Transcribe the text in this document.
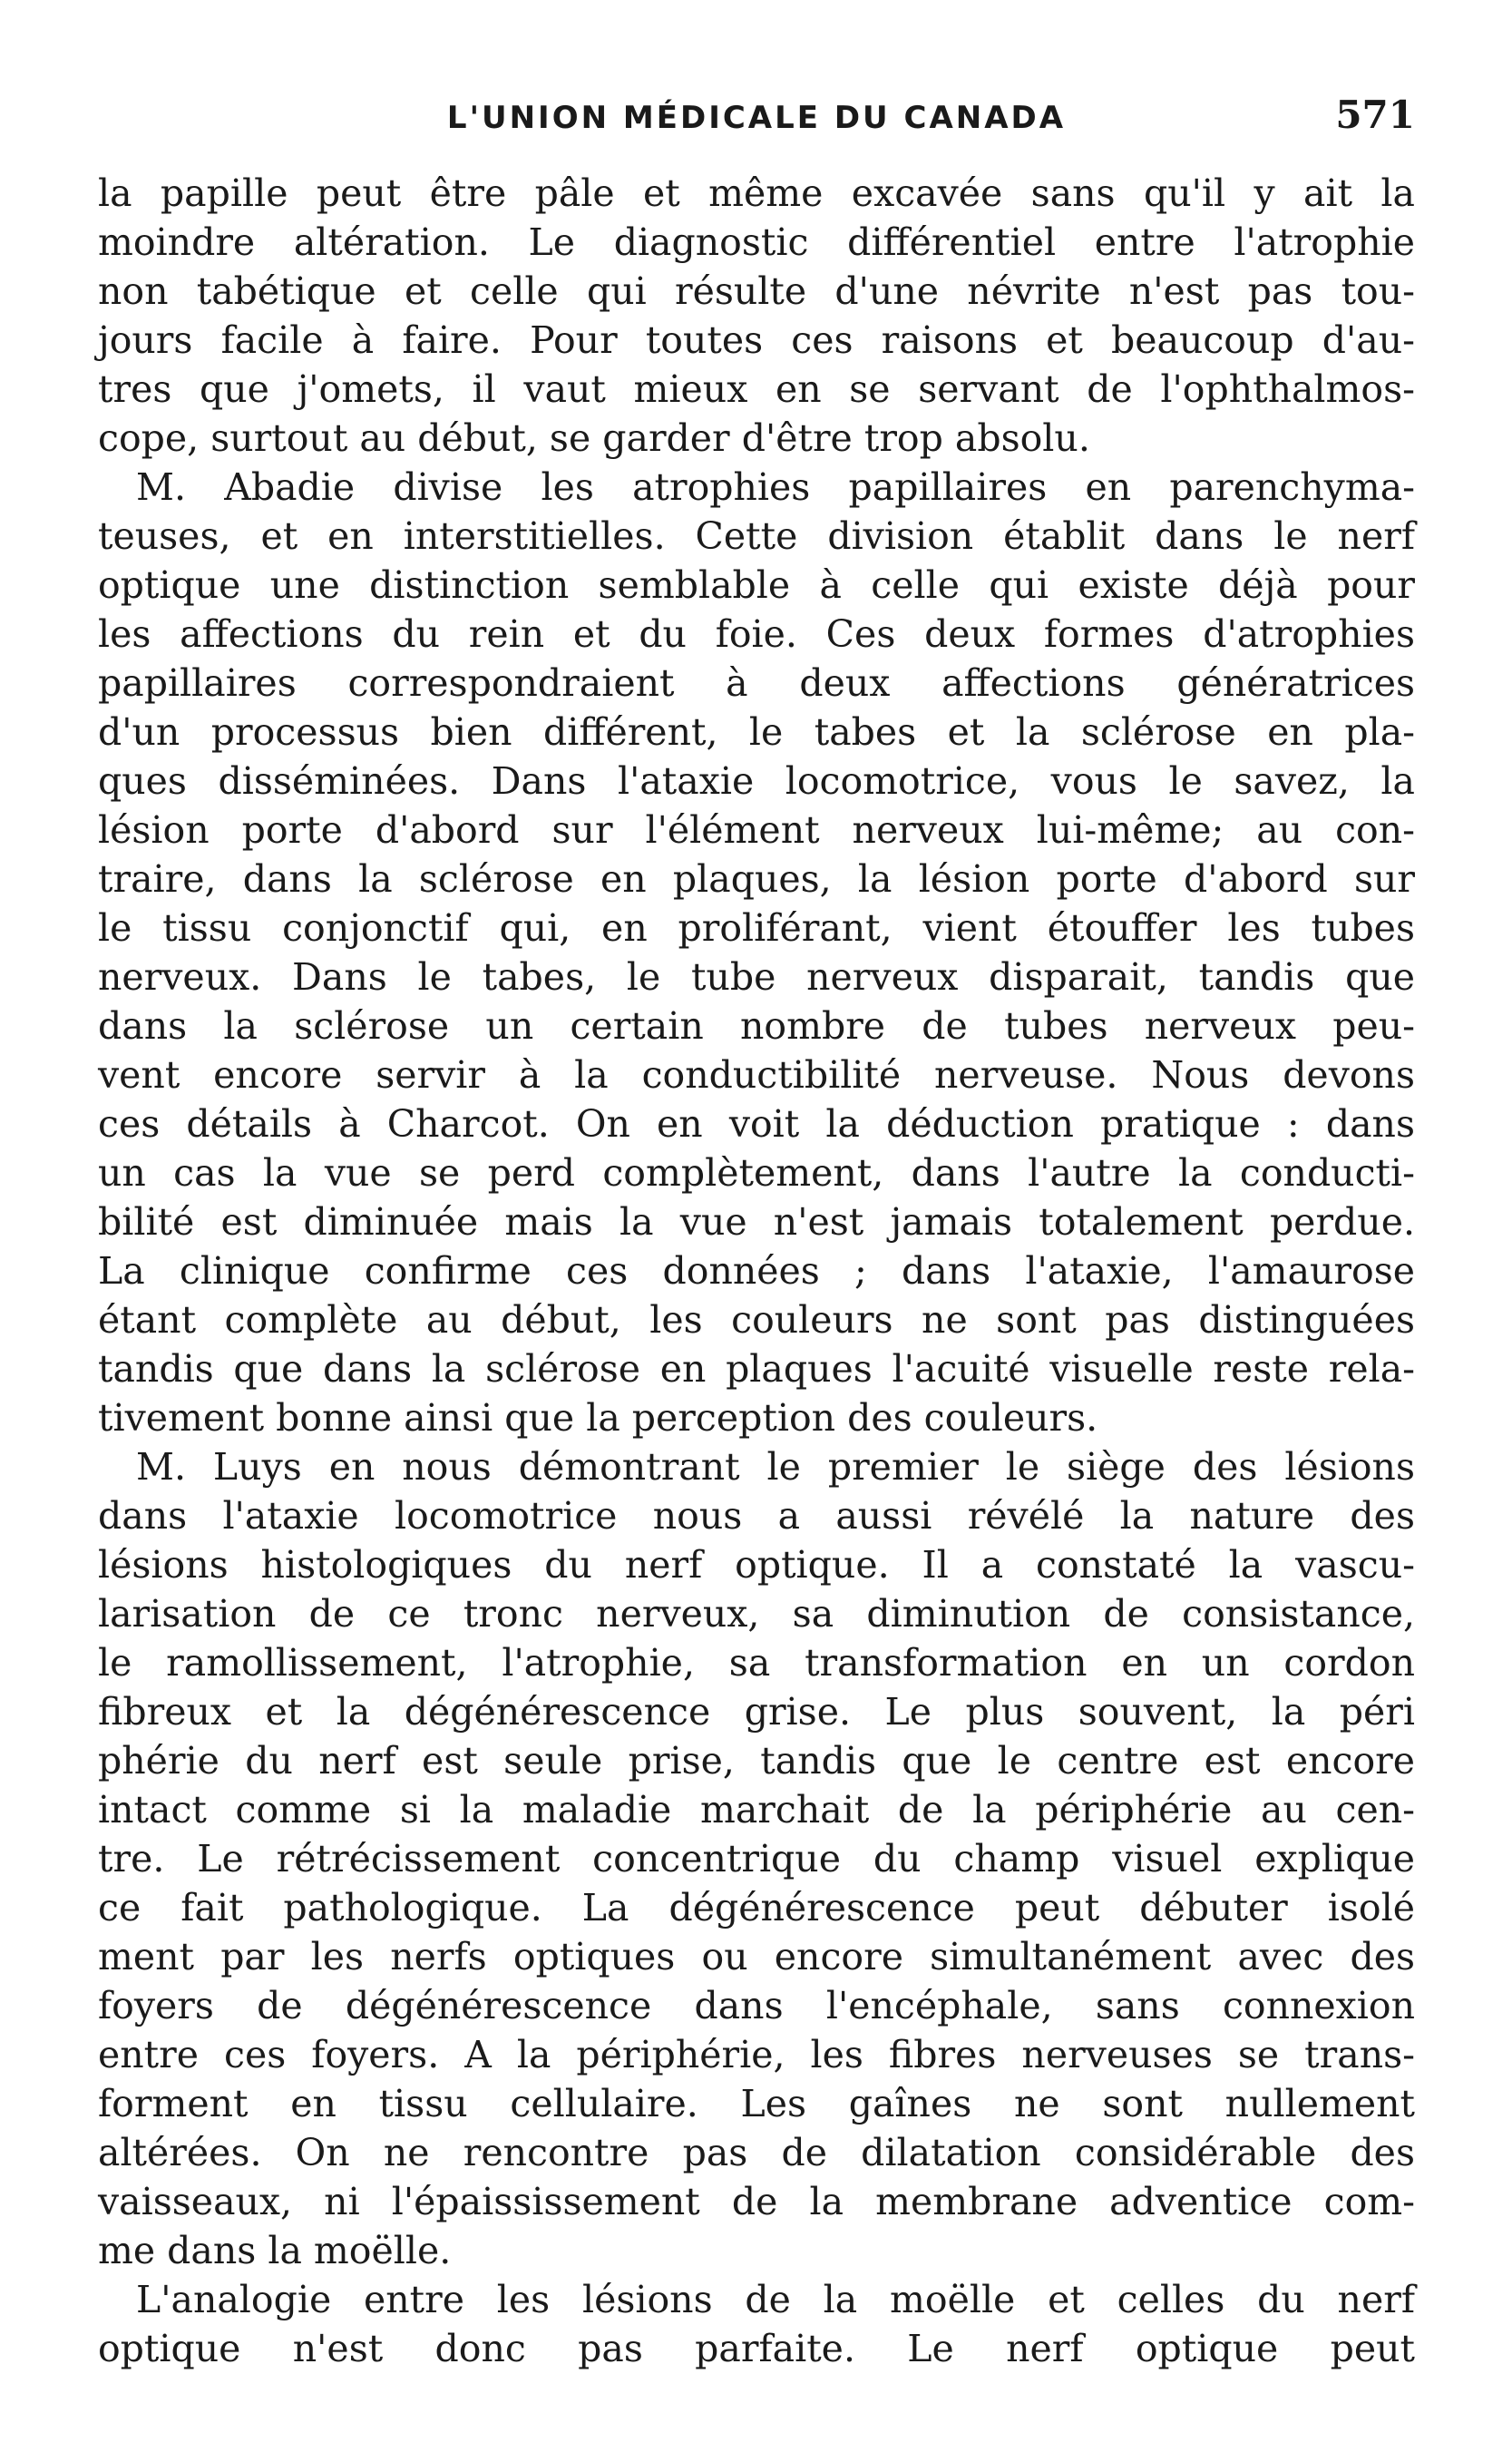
L'UNION MÉDICALE DU CANADA	571
la papille peut être pâle et même excavée sans qu'il y ait la
moindre altération. Le diagnostic différentiel entre l'atrophie
non tabétique et celle qui résulte d'une névrite n'est pas tou-
jours facile à faire. Pour toutes ces raisons et beaucoup d'au-
tres que j'omets, il vaut mieux en se servant de l'ophthalmos-
cope, surtout au début, se garder d'être trop absolu.
M. Abadie divise les atrophies papillaires en parenchyma-
teuses, et en interstitielles. Cette division établit dans le nerf
optique une distinction semblable à celle qui existe déjà pour
les affections du rein et du foie. Ces deux formes d'atrophies
papillaires correspondraient à deux affections génératrices
d'un processus bien différent, le tabes et la sclérose en pla-
ques disséminées. Dans l'ataxie locomotrice, vous le savez, la
lésion porte d'abord sur l'élément nerveux lui-même; au con-
traire, dans la sclérose en plaques, la lésion porte d'abord sur
le tissu conjonctif qui, en proliférant, vient étouffer les tubes
nerveux. Dans le tabes, le tube nerveux disparait, tandis que
dans la sclérose un certain nombre de tubes nerveux peu-
vent encore servir à la conductibilité nerveuse. Nous devons
ces détails à Charcot. On en voit la déduction pratique : dans
un cas la vue se perd complètement, dans l'autre la conducti-
bilité est diminuée mais la vue n'est jamais totalement perdue.
La clinique confirme ces données ; dans l'ataxie, l'amaurose
étant complète au début, les couleurs ne sont pas distinguées
tandis que dans la sclérose en plaques l'acuité visuelle reste rela-
tivement bonne ainsi que la perception des couleurs.
M. Luys en nous démontrant le premier le siège des lésions
dans l'ataxie locomotrice nous a aussi révélé la nature des
lésions histologiques du nerf optique. Il a constaté la vascu-
larisation de ce tronc nerveux, sa diminution de consistance,
le ramollissement, l'atrophie, sa transformation en un cordon
fibreux et la dégénérescence grise. Le plus souvent, la péri
phérie du nerf est seule prise, tandis que le centre est encore
intact comme si la maladie marchait de la périphérie au cen-
tre. Le rétrécissement concentrique du champ visuel explique
ce fait pathologique. La dégénérescence peut débuter isolé
ment par les nerfs optiques ou encore simultanément avec des
foyers de dégénérescence dans l'encéphale, sans connexion
entre ces foyers. A la périphérie, les fibres nerveuses se trans-
forment en tissu cellulaire. Les gaînes ne sont nullement
altérées. On ne rencontre pas de dilatation considérable des
vaisseaux, ni l'épaississement de la membrane adventice com-
me dans la moëlle.
L'analogie entre les lésions de la moëlle et celles du nerf
optique n'est donc pas parfaite. Le nerf optique peut
